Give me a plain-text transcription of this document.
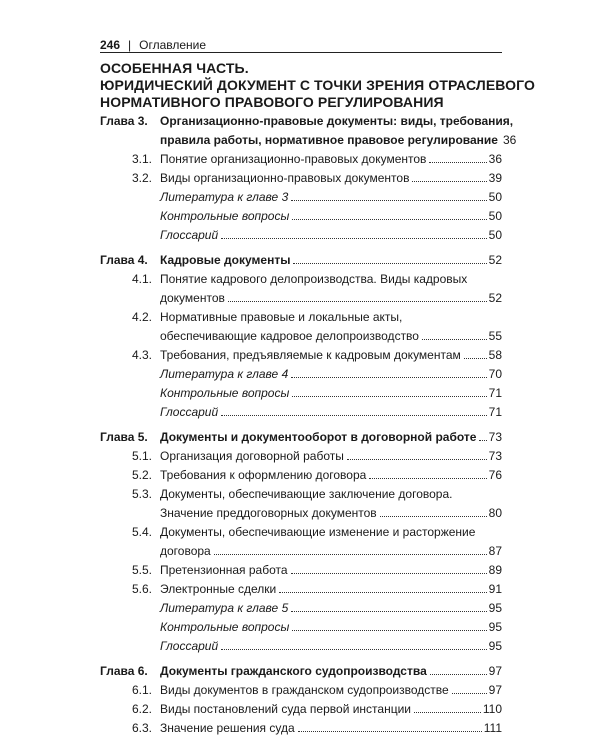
246 | Оглавление
ОСОБЕННАЯ ЧАСТЬ.
ЮРИДИЧЕСКИЙ ДОКУМЕНТ С ТОЧКИ ЗРЕНИЯ ОТРАСЛЕВОГО
НОРМАТИВНОГО ПРАВОВОГО РЕГУЛИРОВАНИЯ
Глава 3.	Организационно-правовые документы: виды, требования,
правила работы, нормативное правовое регулирование 36
3.1. Понятие организационно-правовых документов	36
3.2. Виды организационно-правовых документов	39
Литература к главе 3	50
Контрольные вопросы	50
Глоссарий	50
Глава 4.	Кадровые документы	52
4.1. Понятие кадрового делопроизводства. Виды кадровых
документов	52
4.2. Нормативные правовые и локальные акты,
обеспечивающие кадровое делопроизводство	55
4.3. Требования, предъявляемые к кадровым документам 58
Литература к главе 4	70
Контрольные вопросы	71
Глоссарий	71
Глава 5.	Документы и документооборот в договорной работе 73
5.1. Организация договорной работы	73
5.2. Требования к оформлению договора	76
5.3. Документы, обеспечивающие заключение договора.
Значение преддоговорных документов	80
5.4. Документы, обеспечивающие изменение и расторжение
договора	87
5.5. Претензионная работа	89
5.6. Электронные сделки	91
Литература к главе 5	95
Контрольные вопросы	95
Глоссарий	95
Глава 6.	Документы гражданского судопроизводства	97
6.1. Виды документов в гражданском судопроизводстве	97
6.2. Виды постановлений суда первой инстанции	110
6.3. Значение решения суда	111
